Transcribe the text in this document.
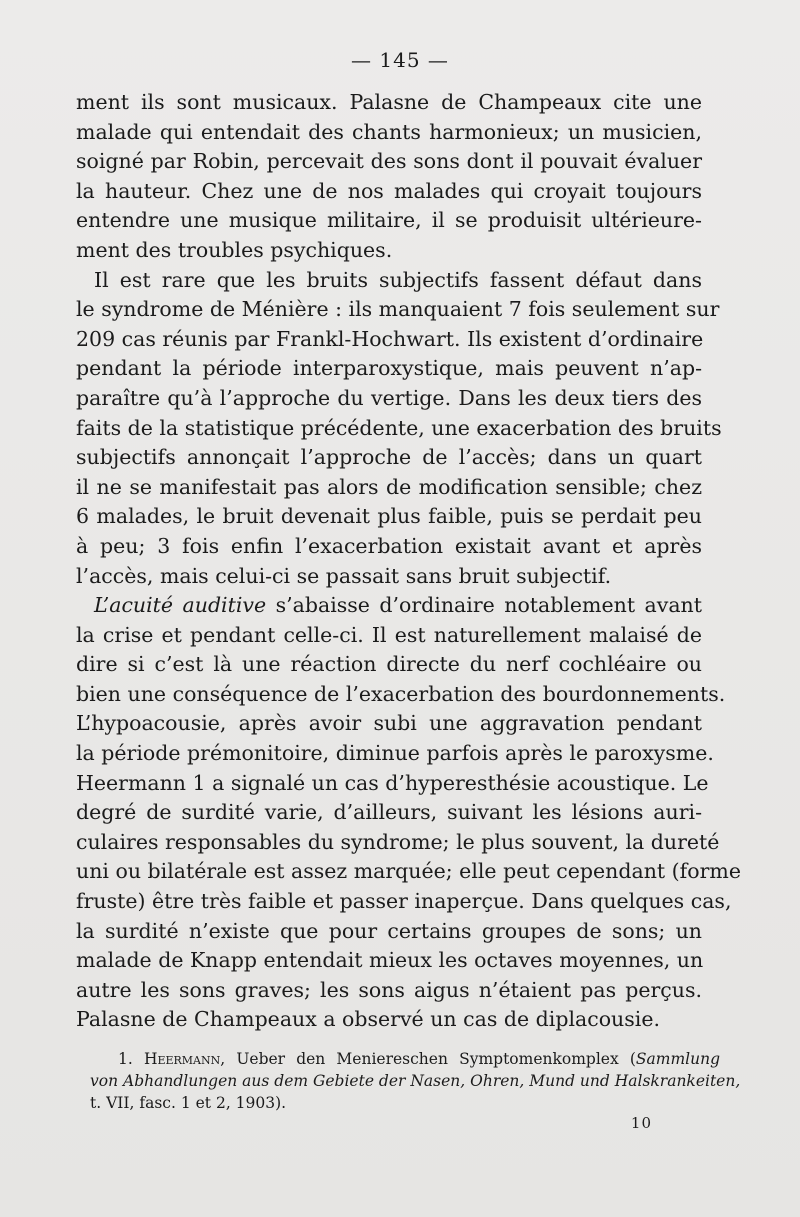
— 145 —
ment ils sont musicaux. Palasne de Champeaux cite une
malade qui entendait des chants harmonieux; un musicien,
soigné par Robin, percevait des sons dont il pouvait évaluer
la hauteur. Chez une de nos malades qui croyait toujours
entendre une musique militaire, il se produisit ultérieure-
ment des troubles psychiques.
Il est rare que les bruits subjectifs fassent défaut dans
le syndrome de Ménière : ils manquaient 7 fois seulement sur
209 cas réunis par Frankl-Hochwart. Ils existent d’ordinaire
pendant la période interparoxystique, mais peuvent n’ap-
paraître qu’à l’approche du vertige. Dans les deux tiers des
faits de la statistique précédente, une exacerbation des bruits
subjectifs annonçait l’approche de l’accès; dans un quart
il ne se manifestait pas alors de modification sensible; chez
6 malades, le bruit devenait plus faible, puis se perdait peu
à peu; 3 fois enfin l’exacerbation existait avant et après
l’accès, mais celui-ci se passait sans bruit subjectif.
L’acuité auditive s’abaisse d’ordinaire notablement avant
la crise et pendant celle-ci. Il est naturellement malaisé de
dire si c’est là une réaction directe du nerf cochléaire ou
bien une conséquence de l’exacerbation des bourdonnements.
L’hypoacousie, après avoir subi une aggravation pendant
la période prémonitoire, diminue parfois après le paroxysme.
Heermann 1 a signalé un cas d’hyperesthésie acoustique. Le
degré de surdité varie, d’ailleurs, suivant les lésions auri-
culaires responsables du syndrome; le plus souvent, la dureté
uni ou bilatérale est assez marquée; elle peut cependant (forme
fruste) être très faible et passer inaperçue. Dans quelques cas,
la surdité n’existe que pour certains groupes de sons; un
malade de Knapp entendait mieux les octaves moyennes, un
autre les sons graves; les sons aigus n’étaient pas perçus.
Palasne de Champeaux a observé un cas de diplacousie.
1. Heermann, Ueber den Meniereschen Symptomenkomplex (Sammlung
von Abhandlungen aus dem Gebiete der Nasen, Ohren, Mund und Halskrankeiten,
t. VII, fasc. 1 et 2, 1903).
10
